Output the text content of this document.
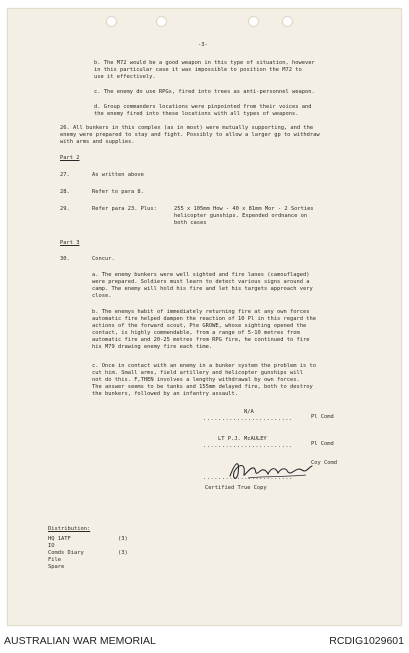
-3-
b. The M72 would be a good weapon in this type of situation, however
in this particular case it was impossible to position the M72 to
use it effectively.
c. The enemy do use RPGs, fired into trees as anti-personnel weapon.
d. Group commanders locations were pinpointed from their voices and
the enemy fired into these locations with all types of weapons.
26. All bunkers in this complex (as in most) were mutually supporting, and the
enemy were prepared to stay and fight. Possibly to allow a larger gp to withdraw
with arms and supplies.
Part 2
27.	As written above
28.	Refer to para 8.
29.	Refer para 23. Plus:	255 x 105mm How - 40 x 81mm Mor - 2 Sorties
helicopter gunships. Expended ordnance on
both cases
Part 3
30.	Concur.
a. The enemy bunkers were well sighted and fire lanes (camouflaged)
were prepared. Soldiers must learn to detect various signs around a
camp. The enemy will hold his fire and let his targets approach very
close.
b. The enemys habit of immediately returning fire at any own forces
automatic fire helped dampen the reaction of 10 Pl in this regard the
actions of the forward scout, Pte GROWE, whose sighting opened the
contact, is highly commendable, from a range of 5-10 metres from
automatic fire and 20-25 metres from RPG fire, he continued to fire
his M79 drawing enemy fire each time.
c. Once in contact with an enemy in a bunker system the problem is to
cut him. Small arms, field artillery and helicopter gunships will
not do this. F,THEN involves a lengthy withdrawal by own forces.
The answer seems to be tanks and 155mm delayed fire, both to destroy
the bunkers, followed by an infantry assault.
N/A
........................	Pl Comd
LT P.J. McAULEY
........................	Pl Comd
........................
Coy Comd
Certified True Copy
Distribution:
HQ 1ATF	(3)
IO
Comds Diary	(3)
File
Spare
AUSTRALIAN WAR MEMORIAL	RCDIG1029601
